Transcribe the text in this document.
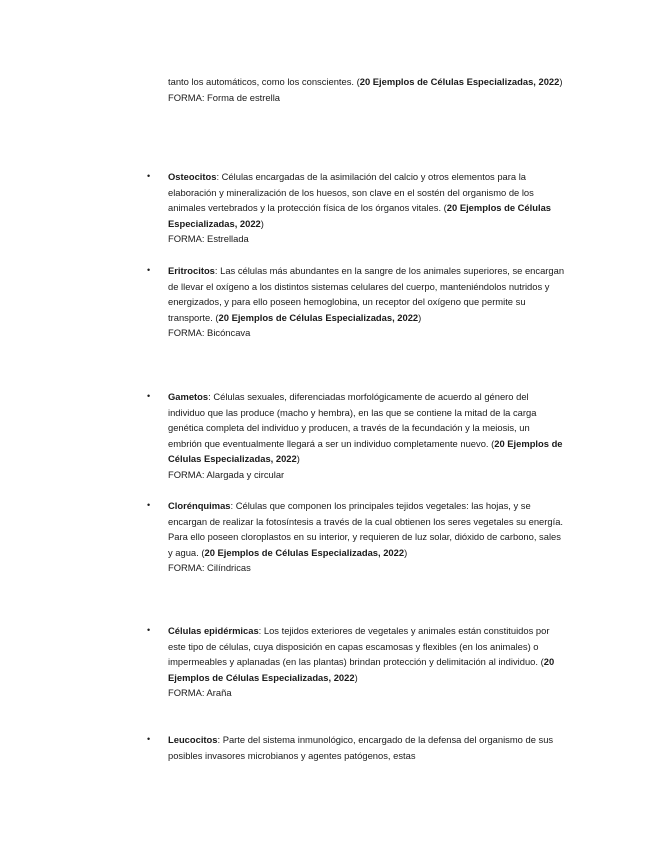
tanto los automáticos, como los conscientes. (20 Ejemplos de Células Especializadas, 2022)

FORMA: Forma de estrella

• Osteocitos: Células encargadas de la asimilación del calcio y otros elementos para la elaboración y mineralización de los huesos, son clave en el sostén del organismo de los animales vertebrados y la protección física de los órganos vitales. (20 Ejemplos de Células Especializadas, 2022)

FORMA: Estrellada

• Eritrocitos: Las células más abundantes en la sangre de los animales superiores, se encargan de llevar el oxígeno a los distintos sistemas celulares del cuerpo, manteniéndolos nutridos y energizados, y para ello poseen hemoglobina, un receptor del oxígeno que permite su transporte. (20 Ejemplos de Células Especializadas, 2022)

FORMA: Bicóncava

• Gametos: Células sexuales, diferenciadas morfológicamente de acuerdo al género del individuo que las produce (macho y hembra), en las que se contiene la mitad de la carga genética completa del individuo y producen, a través de la fecundación y la meiosis, un embrión que eventualmente llegará a ser un individuo completamente nuevo. (20 Ejemplos de Células Especializadas, 2022)

FORMA: Alargada y circular

• Clorénquimas: Células que componen los principales tejidos vegetales: las hojas, y se encargan de realizar la fotosíntesis a través de la cual obtienen los seres vegetales su energía. Para ello poseen cloroplastos en su interior, y requieren de luz solar, dióxido de carbono, sales y agua. (20 Ejemplos de Células Especializadas, 2022)

FORMA: Cilíndricas

• Células epidérmicas: Los tejidos exteriores de vegetales y animales están constituidos por este tipo de células, cuya disposición en capas escamosas y flexibles (en los animales) o impermeables y aplanadas (en las plantas) brindan protección y delimitación al individuo. (20 Ejemplos de Células Especializadas, 2022)

FORMA: Araña

• Leucocitos: Parte del sistema inmunológico, encargado de la defensa del organismo de sus posibles invasores microbianos y agentes patógenos, estas
